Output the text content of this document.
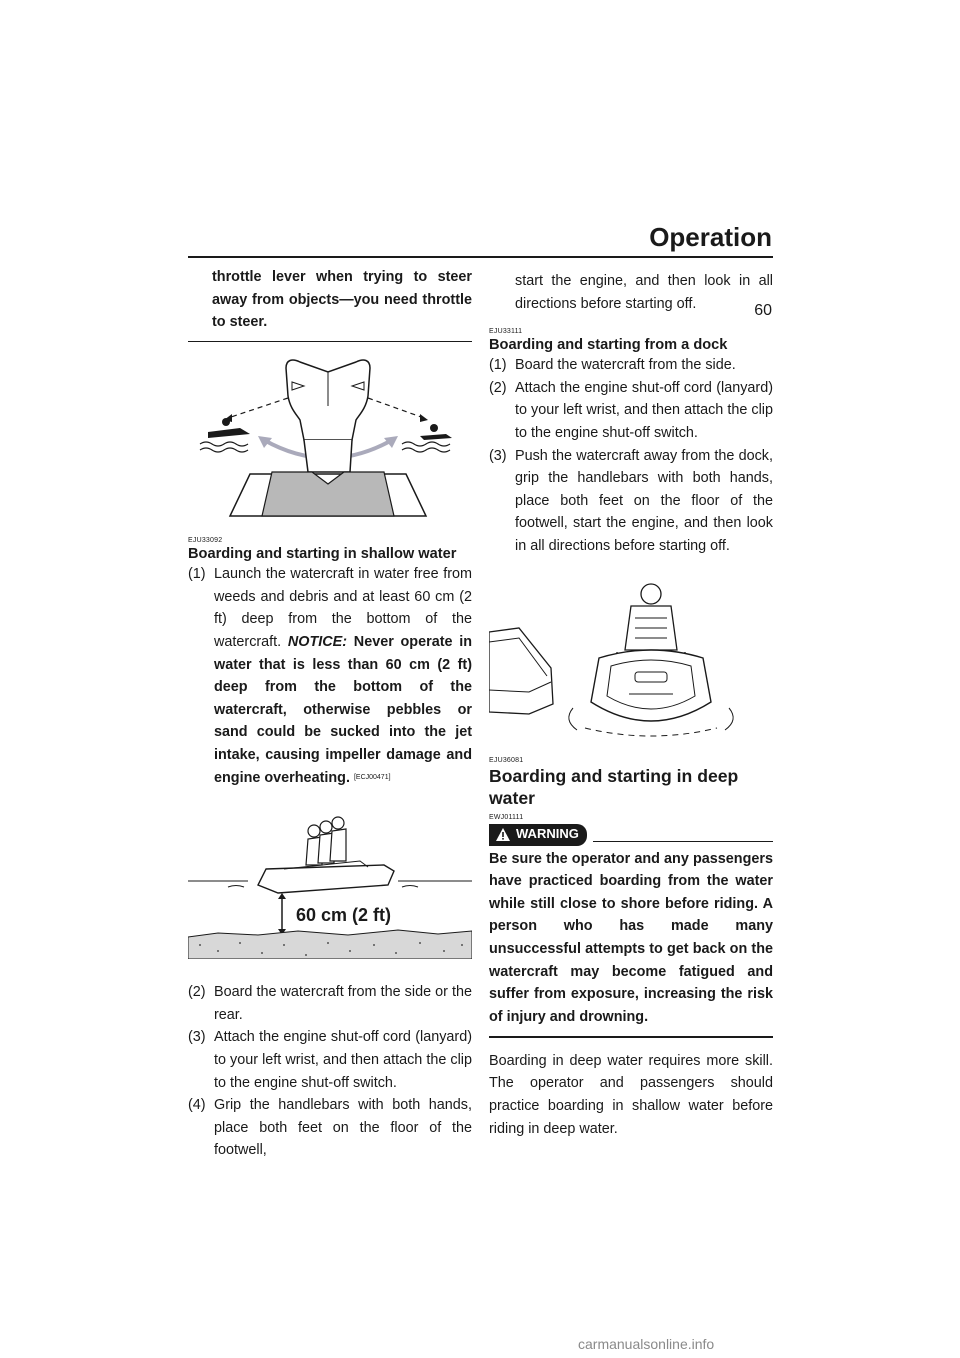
Operation
60

throttle lever when trying to steer away from objects—you need throttle to steer.

EJU33092
Boarding and starting in shallow water
(1) Launch the watercraft in water free from weeds and debris and at least 60 cm (2 ft) deep from the bottom of the watercraft. NOTICE: Never operate in water that is less than 60 cm (2 ft) deep from the bottom of the watercraft, otherwise pebbles or sand could be sucked into the jet intake, causing impeller damage and engine overheating. [ECJ00471]
60 cm (2 ft)
(2) Board the watercraft from the side or the rear.
(3) Attach the engine shut-off cord (lanyard) to your left wrist, and then attach the clip to the engine shut-off switch.
(4) Grip the handlebars with both hands, place both feet on the floor of the footwell,

start the engine, and then look in all directions before starting off.

EJU33111
Boarding and starting from a dock
(1) Board the watercraft from the side.
(2) Attach the engine shut-off cord (lanyard) to your left wrist, and then attach the clip to the engine shut-off switch.
(3) Push the watercraft away from the dock, grip the handlebars with both hands, place both feet on the floor of the footwell, start the engine, and then look in all directions before starting off.
EJU36081
Boarding and starting in deep water
EWJ01111
WARNING

Be sure the operator and any passengers have practiced boarding from the water while still close to shore before riding. A person who has made many unsuccessful attempts to get back on the watercraft may become fatigued and suffer from exposure, increasing the risk of injury and drowning.

Boarding in deep water requires more skill. The operator and passengers should practice boarding in shallow water before riding in deep water.

carmanualsonline.info
